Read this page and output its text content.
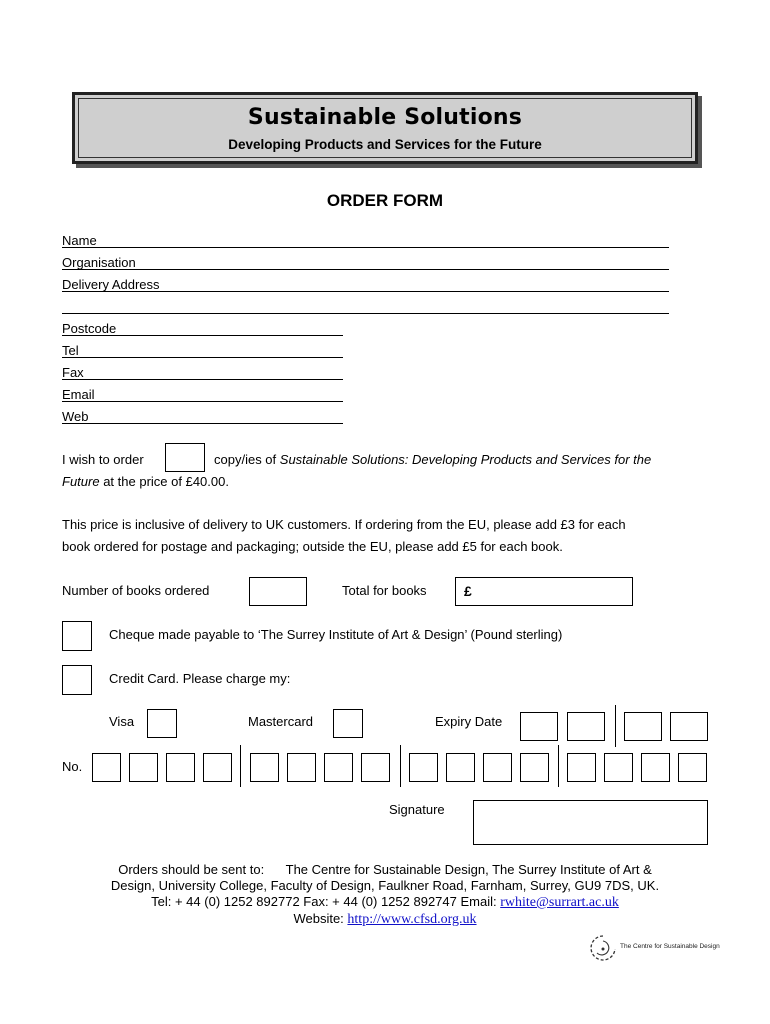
Sustainable Solutions
Developing Products and Services for the Future
ORDER FORM
Name
Organisation
Delivery Address
Postcode
Tel
Fax
Email
Web
I wish to order	copy/ies of Sustainable Solutions: Developing Products and Services for the
Future at the price of £40.00.
This price is inclusive of delivery to UK customers. If ordering from the EU, please add £3 for each
book ordered for postage and packaging; outside the EU, please add £5 for each book.
Number of books ordered	Total for books	£
Cheque made payable to ‘The Surrey Institute of Art & Design’ (Pound sterling)
Credit Card. Please charge my:
Visa	Mastercard	Expiry Date
No.
Signature
Orders should be sent to: The Centre for Sustainable Design, The Surrey Institute of Art &
Design, University College, Faculty of Design, Faulkner Road, Farnham, Surrey, GU9 7DS, UK.
Tel: + 44 (0) 1252 892772 Fax: + 44 (0) 1252 892747 Email: rwhite@surrart.ac.uk
Website: http://www.cfsd.org.uk
The Centre for Sustainable Design
